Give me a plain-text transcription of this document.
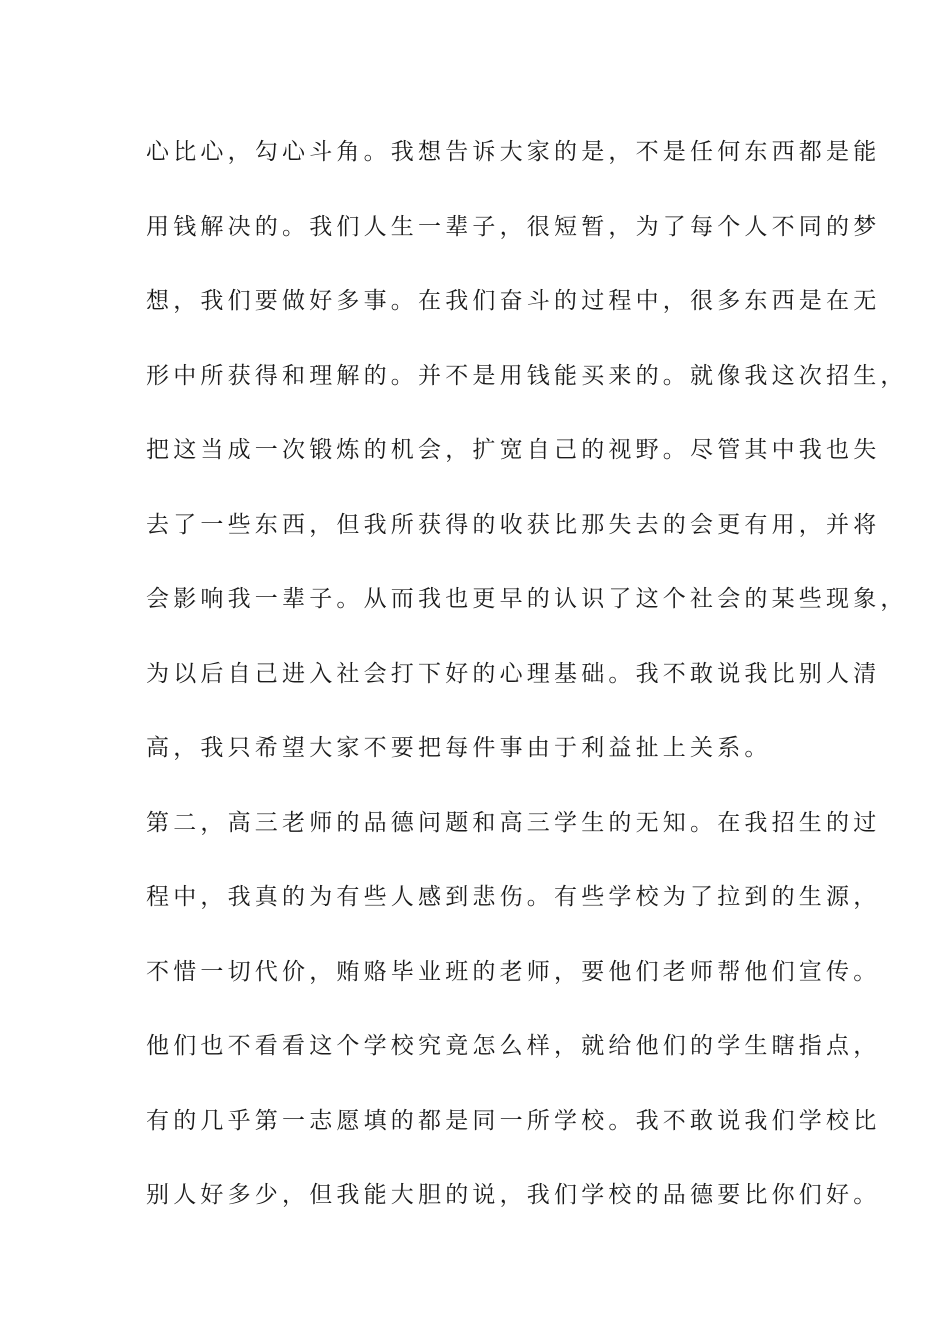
心比心，勾心斗角。我想告诉大家的是，不是任何东西都是能
用钱解决的。我们人生一辈子，很短暂，为了每个人不同的梦
想，我们要做好多事。在我们奋斗的过程中，很多东西是在无
形中所获得和理解的。并不是用钱能买来的。就像我这次招生，
把这当成一次锻炼的机会，扩宽自己的视野。尽管其中我也失
去了一些东西，但我所获得的收获比那失去的会更有用，并将
会影响我一辈子。从而我也更早的认识了这个社会的某些现象，
为以后自己进入社会打下好的心理基础。我不敢说我比别人清
高，我只希望大家不要把每件事由于利益扯上关系。
第二，高三老师的品德问题和高三学生的无知。在我招生的过
程中，我真的为有些人感到悲伤。有些学校为了拉到的生源，
不惜一切代价，贿赂毕业班的老师，要他们老师帮他们宣传。
他们也不看看这个学校究竟怎么样，就给他们的学生瞎指点，
有的几乎第一志愿填的都是同一所学校。我不敢说我们学校比
别人好多少，但我能大胆的说，我们学校的品德要比你们好。
